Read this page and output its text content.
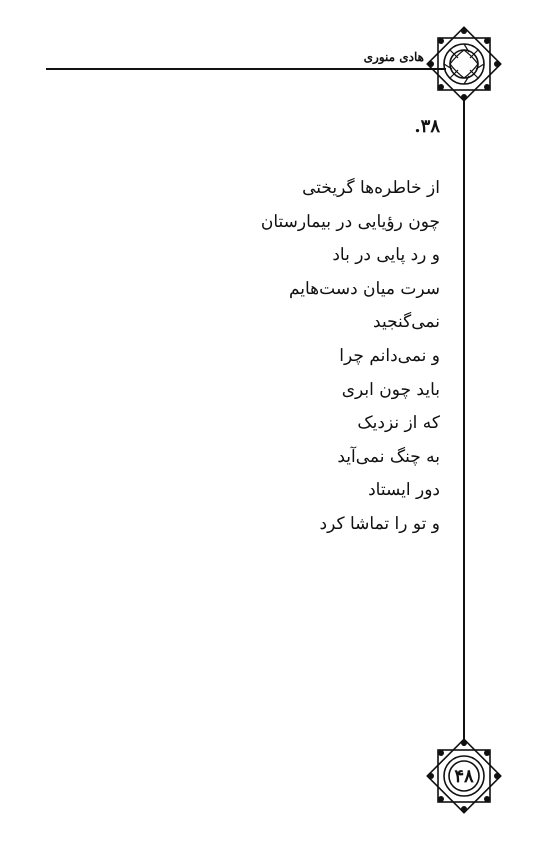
هادی منوری
۳۸.
از خاطره‌ها گریختی
چون رؤیایی در بیمارستان
و رد پایی در باد
سرت میان دست‌هایم
نمی‌گنجید
و نمی‌دانم چرا
باید چون ابری
که از نزدیک
به چنگ نمی‌آید
دور ایستاد
و تو را تماشا کرد
۴۸
